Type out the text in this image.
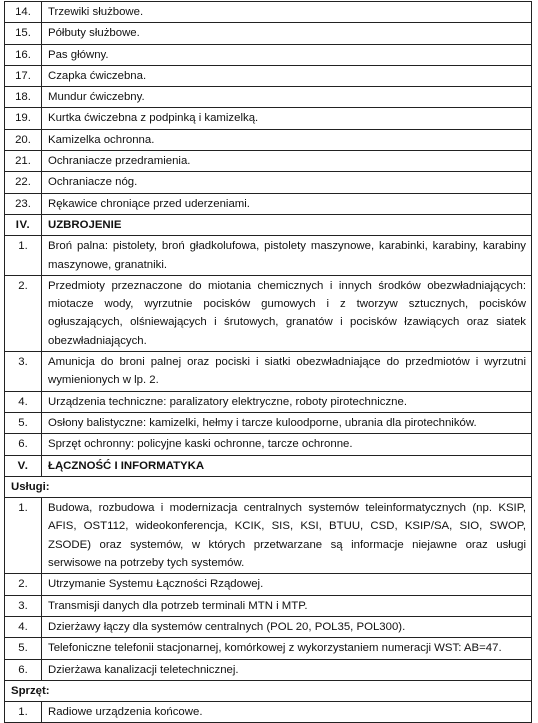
14.	Trzewiki służbowe.
15.	Półbuty służbowe.
16.	Pas główny.
17.	Czapka ćwiczebna.
18.	Mundur ćwiczebny.
19.	Kurtka ćwiczebna z podpinką i kamizelką.
20.	Kamizelka ochronna.
21.	Ochraniacze przedramienia.
22.	Ochraniacze nóg.
23.	Rękawice chroniące przed uderzeniami.
IV.	UZBROJENIE
1.	Broń palna: pistolety, broń gładkolufowa, pistolety maszynowe, karabinki, karabiny, karabiny maszynowe, granatniki.
2.	Przedmioty przeznaczone do miotania chemicznych i innych środków obezwładniających: miotacze wody, wyrzutnie pocisków gumowych i z tworzyw sztucznych, pocisków ogłuszających, olśniewających i śrutowych, granatów i pocisków łzawiących oraz siatek obezwładniających.
3.	Amunicja do broni palnej oraz pociski i siatki obezwładniające do przedmiotów i wyrzutni wymienionych w lp. 2.
4.	Urządzenia techniczne: paralizatory elektryczne, roboty pirotechniczne.
5.	Osłony balistyczne: kamizelki, hełmy i tarcze kuloodporne, ubrania dla pirotechników.
6.	Sprzęt ochronny: policyjne kaski ochronne, tarcze ochronne.
V.	ŁĄCZNOŚĆ I INFORMATYKA
Usługi:	
1.	Budowa, rozbudowa i modernizacja centralnych systemów teleinformatycznych (np. KSIP, AFIS, OST112, wideokonferencja, KCIK, SIS, KSI, BTUU, CSD, KSIP/SA, SIO, SWOP, ZSODE) oraz systemów, w których przetwarzane są informacje niejawne oraz usługi serwisowe na potrzeby tych systemów.
2.	Utrzymanie Systemu Łączności Rządowej.
3.	Transmisji danych dla potrzeb terminali MTN i MTP.
4.	Dzierżawy łączy dla systemów centralnych (POL 20, POL35, POL300).
5.	Telefoniczne telefonii stacjonarnej, komórkowej z wykorzystaniem numeracji WST: AB=47.
6.	Dzierżawa kanalizacji teletechnicznej.
Sprzęt:	
1.	Radiowe urządzenia końcowe.
